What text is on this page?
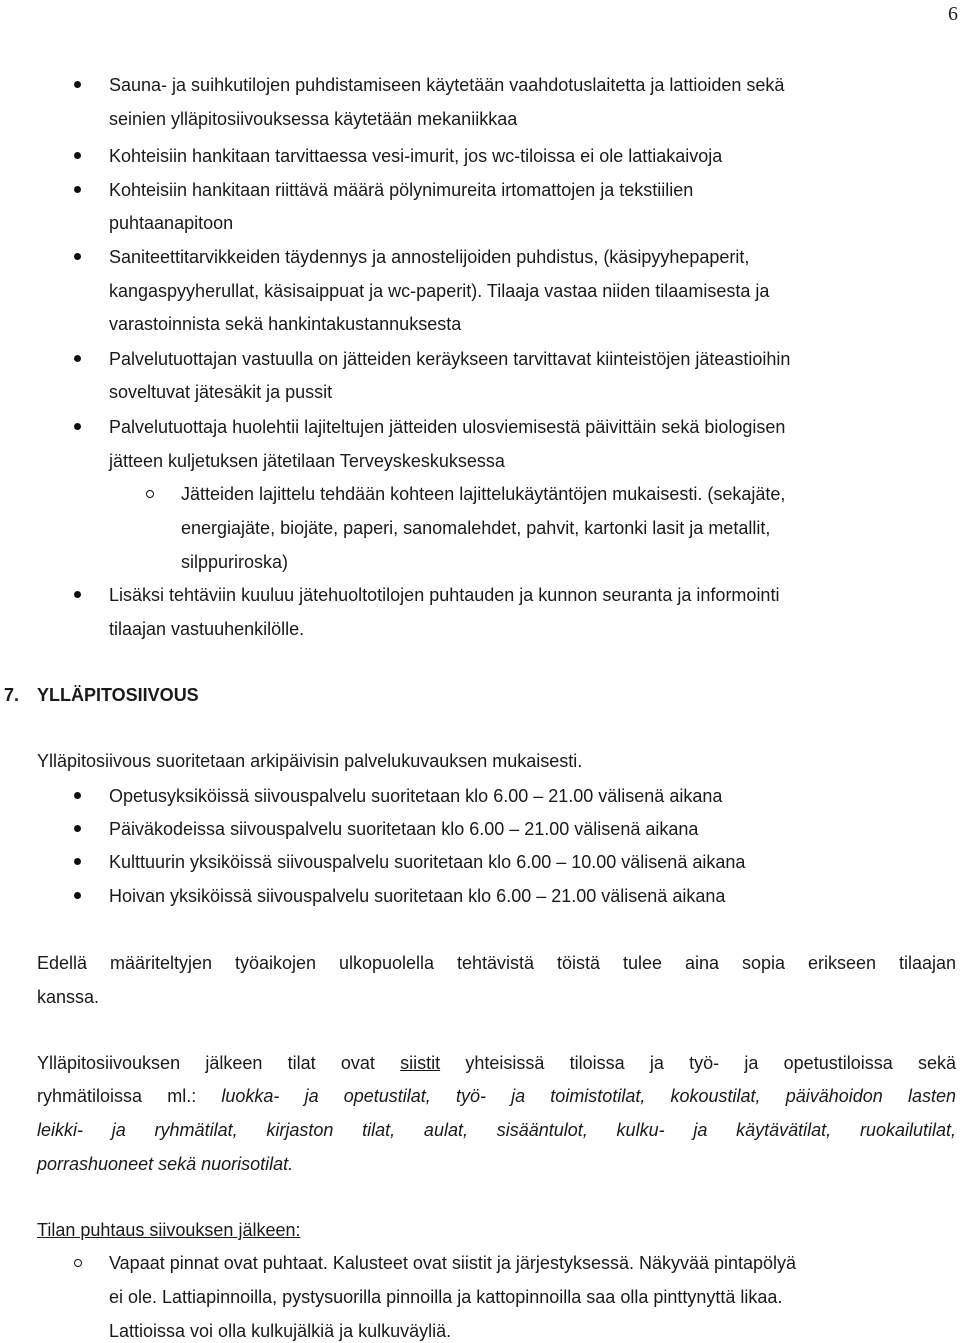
6
Sauna- ja suihkutilojen puhdistamiseen käytetään vaahdotuslaitetta ja lattioiden sekä
seinien ylläpitosiivouksessa käytetään mekaniikkaa
Kohteisiin hankitaan tarvittaessa vesi-imurit, jos wc-tiloissa ei ole lattiakaivoja
Kohteisiin hankitaan riittävä määrä pölynimureita irtomattojen ja tekstiilien
puhtaanapitoon
Saniteettitarvikkeiden täydennys ja annostelijoiden puhdistus, (käsipyyhepaperit,
kangaspyyherullat, käsisaippuat ja wc-paperit). Tilaaja vastaa niiden tilaamisesta ja
varastoinnista sekä hankintakustannuksesta
Palvelutuottajan vastuulla on jätteiden keräykseen tarvittavat kiinteistöjen jäteastioihin
soveltuvat jätesäkit ja pussit
Palvelutuottaja huolehtii lajiteltujen jätteiden ulosviemisestä päivittäin sekä biologisen
jätteen kuljetuksen jätetilaan Terveyskeskuksessa
Jätteiden lajittelu tehdään kohteen lajittelukäytäntöjen mukaisesti. (sekajäte,
energiajäte, biojäte, paperi, sanomalehdet, pahvit, kartonki lasit ja metallit,
silppuriroska)
Lisäksi tehtäviin kuuluu jätehuoltotilojen puhtauden ja kunnon seuranta ja informointi
tilaajan vastuuhenkilölle.
7. YLLÄPITOSIIVOUS
Ylläpitosiivous suoritetaan arkipäivisin palvelukuvauksen mukaisesti.
Opetusyksiköissä siivouspalvelu suoritetaan klo 6.00 – 21.00 välisenä aikana
Päiväkodeissa siivouspalvelu suoritetaan klo 6.00 – 21.00 välisenä aikana
Kulttuurin yksiköissä siivouspalvelu suoritetaan klo 6.00 – 10.00 välisenä aikana
Hoivan yksiköissä siivouspalvelu suoritetaan klo 6.00 – 21.00 välisenä aikana
Edellä määriteltyjen työaikojen ulkopuolella tehtävistä töistä tulee aina sopia erikseen tilaajan
kanssa.
Ylläpitosiivouksen jälkeen tilat ovat siistit yhteisissä tiloissa ja työ- ja opetustiloissa sekä
ryhmätiloissa ml.: luokka- ja opetustilat, työ- ja toimistotilat, kokoustilat, päivähoidon lasten
leikki- ja ryhmätilat, kirjaston tilat, aulat, sisääntulot, kulku- ja käytävätilat, ruokailutilat,
porrashuoneet sekä nuorisotilat.
Tilan puhtaus siivouksen jälkeen:
Vapaat pinnat ovat puhtaat. Kalusteet ovat siistit ja järjestyksessä. Näkyvää pintapölyä
ei ole. Lattiapinnoilla, pystysuorilla pinnoilla ja kattopinnoilla saa olla pinttynyttä likaa.
Lattioissa voi olla kulkujälkiä ja kulkuväyliä.
